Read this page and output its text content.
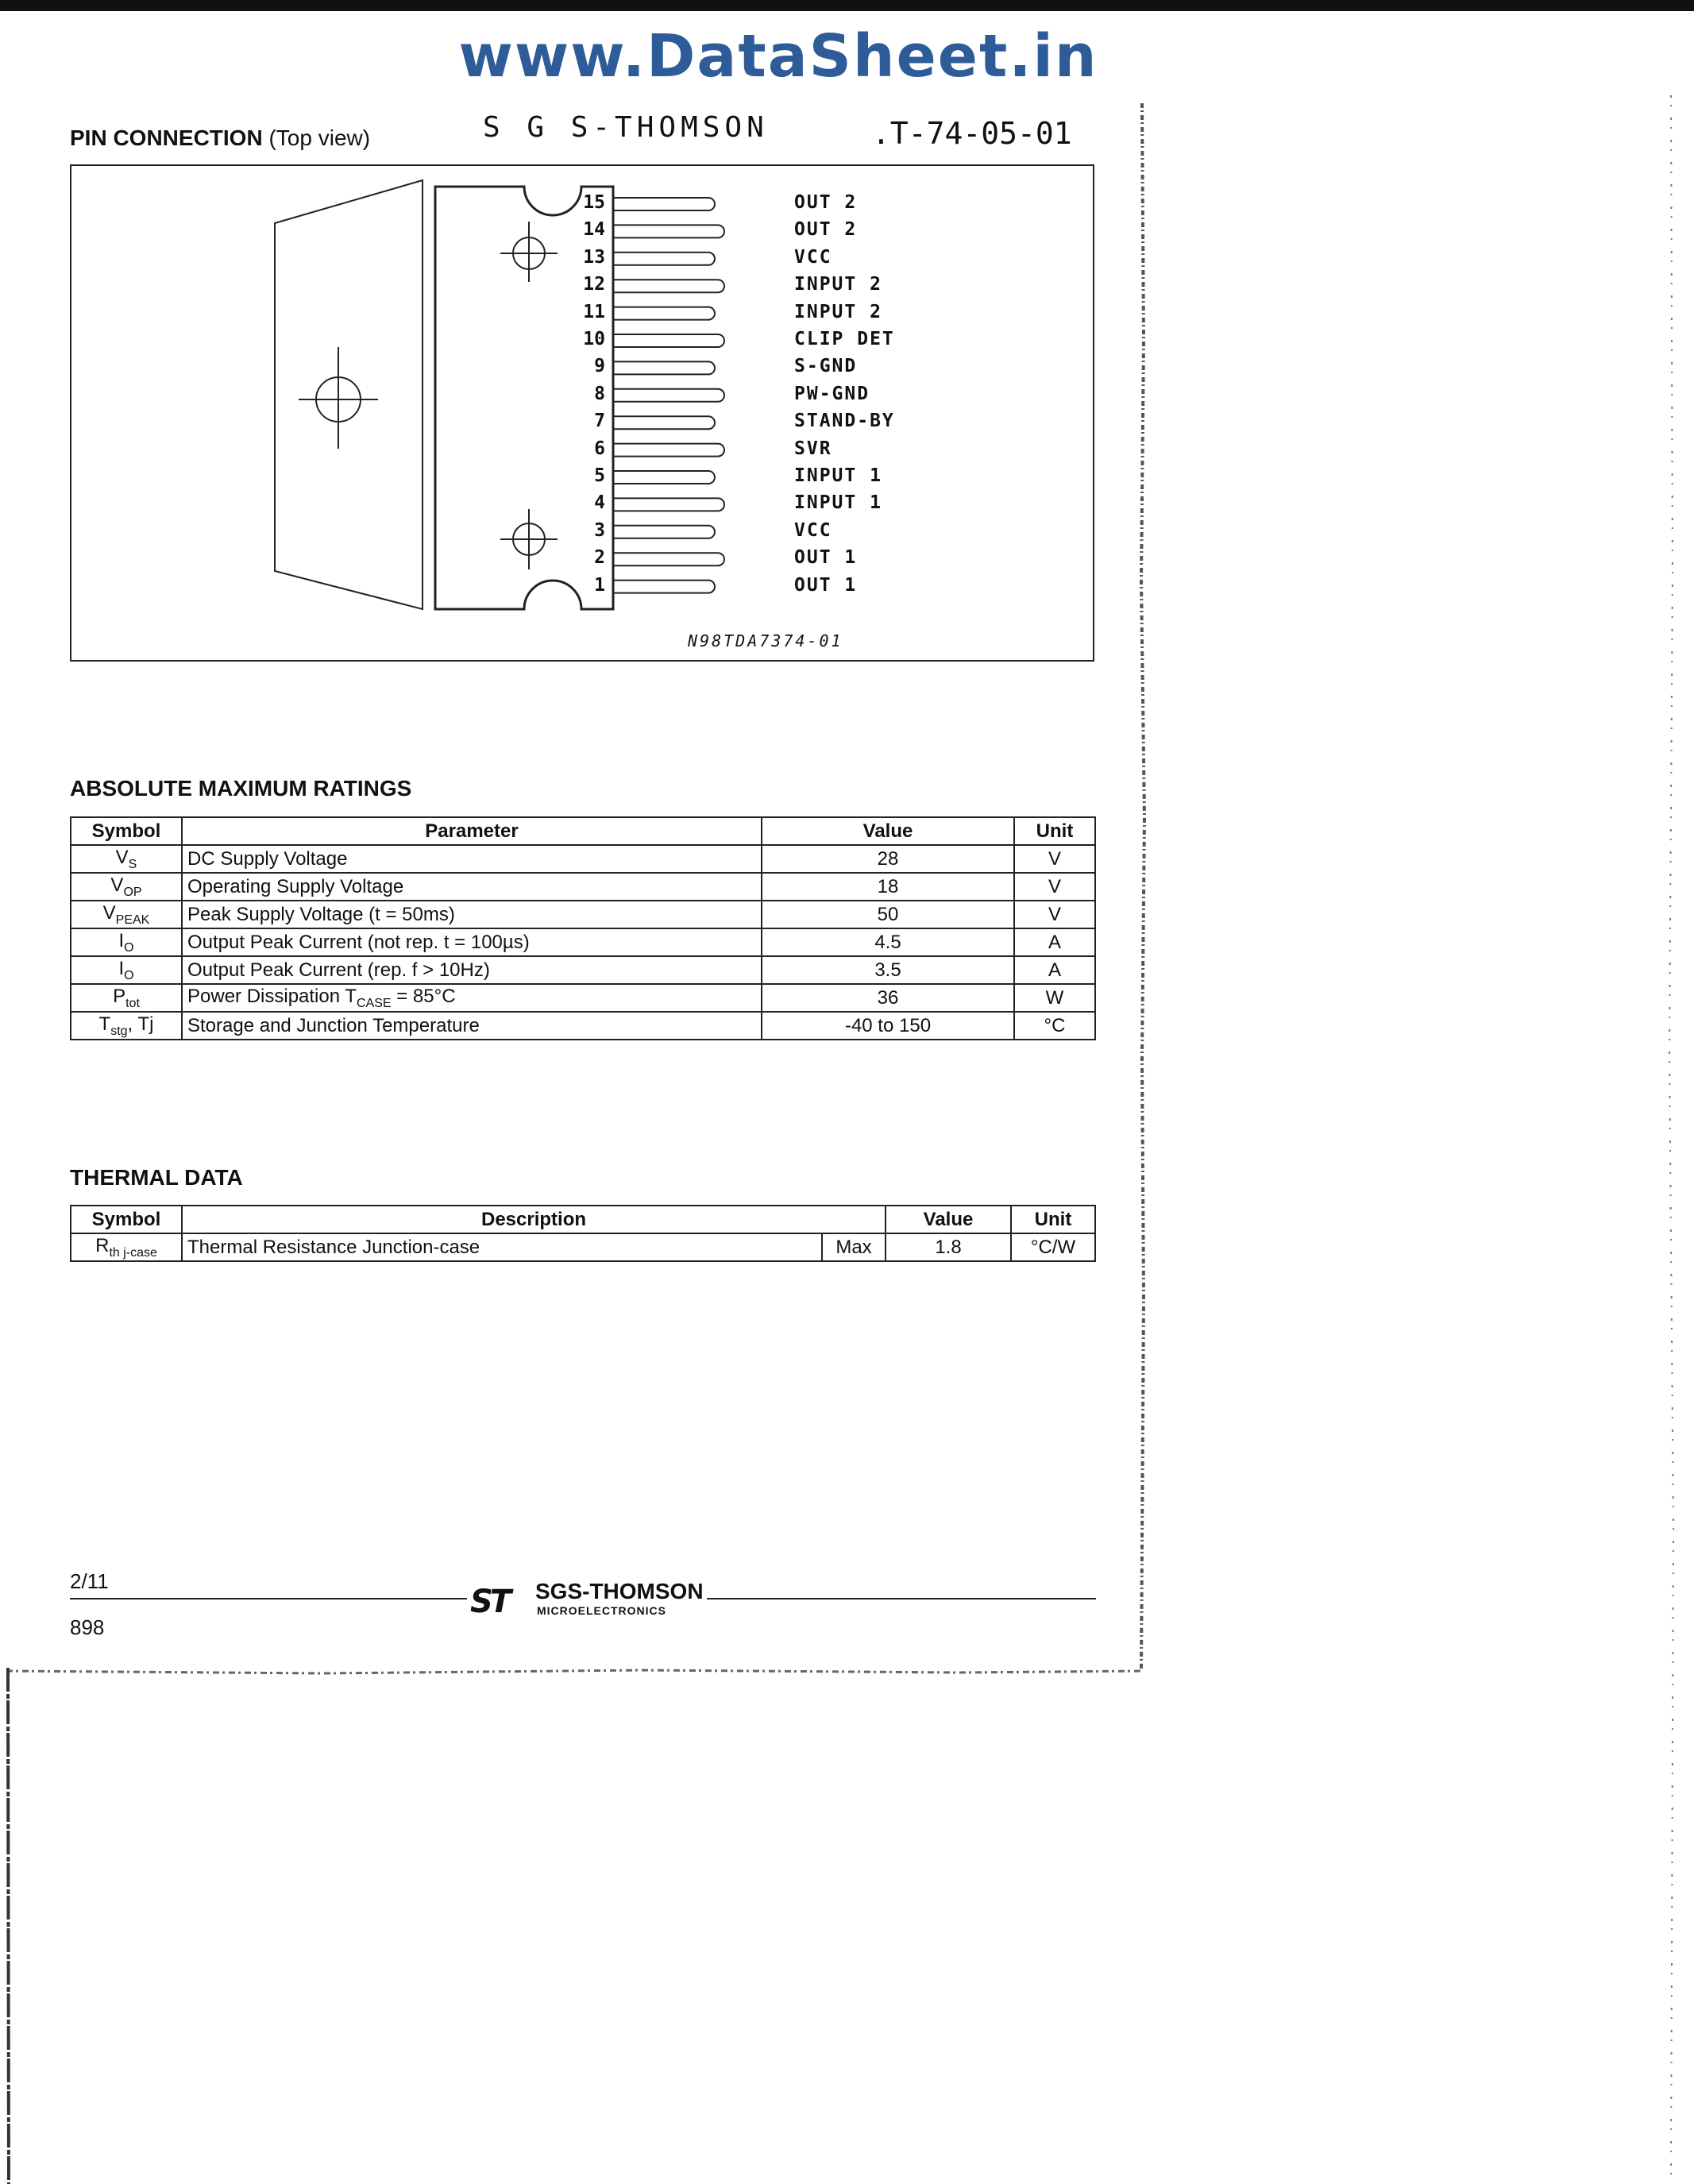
www.DataSheet.in
PIN CONNECTION (Top view)	S G S-THOMSON	.T-74-05-01
15	OUT 2
14	OUT 2
13	VCC
12	INPUT 2
11	INPUT 2
10	CLIP DET
9	S-GND
8	PW-GND
7	STAND-BY
6	SVR
5	INPUT 1
4	INPUT 1
3	VCC
2	OUT 1
1	OUT 1
N98TDA7374-01
ABSOLUTE MAXIMUM RATINGS
Symbol	Parameter	Value	Unit
$V_S$	DC Supply Voltage	28	V
$V_{OP}$	Operating Supply Voltage	18	V
$V_{PEAK}$	Peak Supply Voltage (t = 50ms)	50	V
$I_O$	Output Peak Current (not rep. t = 100µs)	4.5	A
$I_O$	Output Peak Current (rep. f > 10Hz)	3.5	A
$P_{tot}$	Power Dissipation $T_{CASE} = 85^\circ C$	36	W
$T_{stg}$, Tj	Storage and Junction Temperature	-40 to 150	°C
THERMAL DATA
Symbol	Description		Value	Unit
$R_{th j-case}$	Thermal Resistance Junction-case	Max	1.8	°C/W
2/11
898
ST SGS-THOMSON
MICROELECTRONICS
